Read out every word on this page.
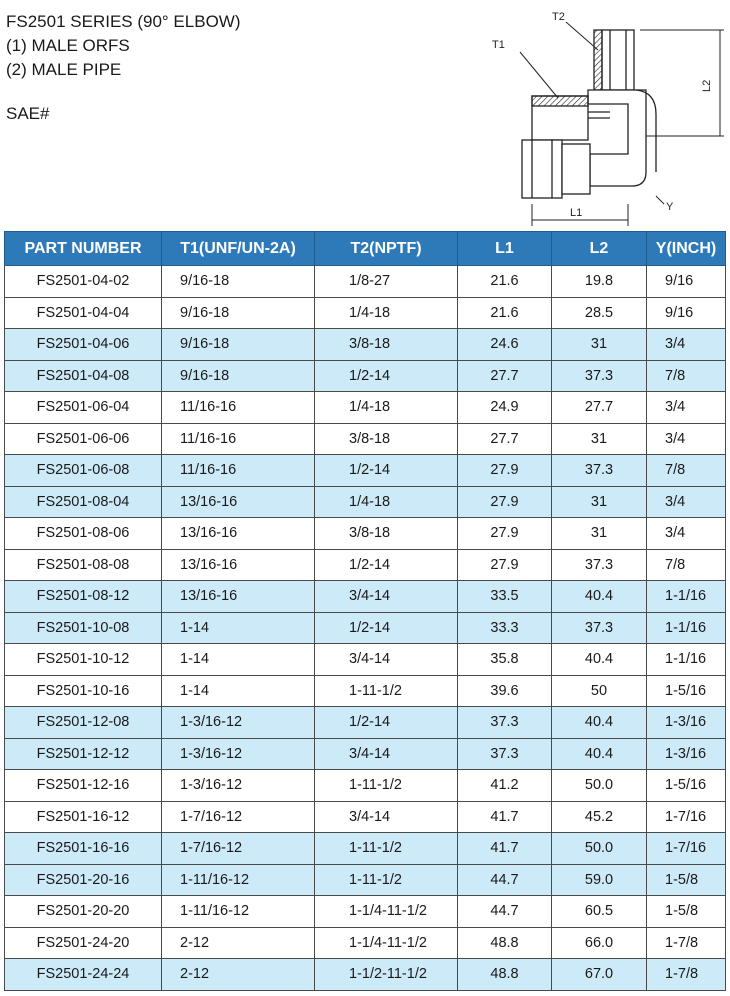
FS2501 SERIES (90° ELBOW)
(1) MALE ORFS
(2) MALE PIPE
SAE#
T1
T2
L1
L2
Y
PART NUMBER	T1(UNF/UN-2A)	T2(NPTF)	L1	L2	Y(INCH)
FS2501-04-02	9/16-18	1/8-27	21.6	19.8	9/16
FS2501-04-04	9/16-18	1/4-18	21.6	28.5	9/16
FS2501-04-06	9/16-18	3/8-18	24.6	31	3/4
FS2501-04-08	9/16-18	1/2-14	27.7	37.3	7/8
FS2501-06-04	11/16-16	1/4-18	24.9	27.7	3/4
FS2501-06-06	11/16-16	3/8-18	27.7	31	3/4
FS2501-06-08	11/16-16	1/2-14	27.9	37.3	7/8
FS2501-08-04	13/16-16	1/4-18	27.9	31	3/4
FS2501-08-06	13/16-16	3/8-18	27.9	31	3/4
FS2501-08-08	13/16-16	1/2-14	27.9	37.3	7/8
FS2501-08-12	13/16-16	3/4-14	33.5	40.4	1-1/16
FS2501-10-08	1-14	1/2-14	33.3	37.3	1-1/16
FS2501-10-12	1-14	3/4-14	35.8	40.4	1-1/16
FS2501-10-16	1-14	1-11-1/2	39.6	50	1-5/16
FS2501-12-08	1-3/16-12	1/2-14	37.3	40.4	1-3/16
FS2501-12-12	1-3/16-12	3/4-14	37.3	40.4	1-3/16
FS2501-12-16	1-3/16-12	1-11-1/2	41.2	50.0	1-5/16
FS2501-16-12	1-7/16-12	3/4-14	41.7	45.2	1-7/16
FS2501-16-16	1-7/16-12	1-11-1/2	41.7	50.0	1-7/16
FS2501-20-16	1-11/16-12	1-11-1/2	44.7	59.0	1-5/8
FS2501-20-20	1-11/16-12	1-1/4-11-1/2	44.7	60.5	1-5/8
FS2501-24-20	2-12	1-1/4-11-1/2	48.8	66.0	1-7/8
FS2501-24-24	2-12	1-1/2-11-1/2	48.8	67.0	1-7/8
